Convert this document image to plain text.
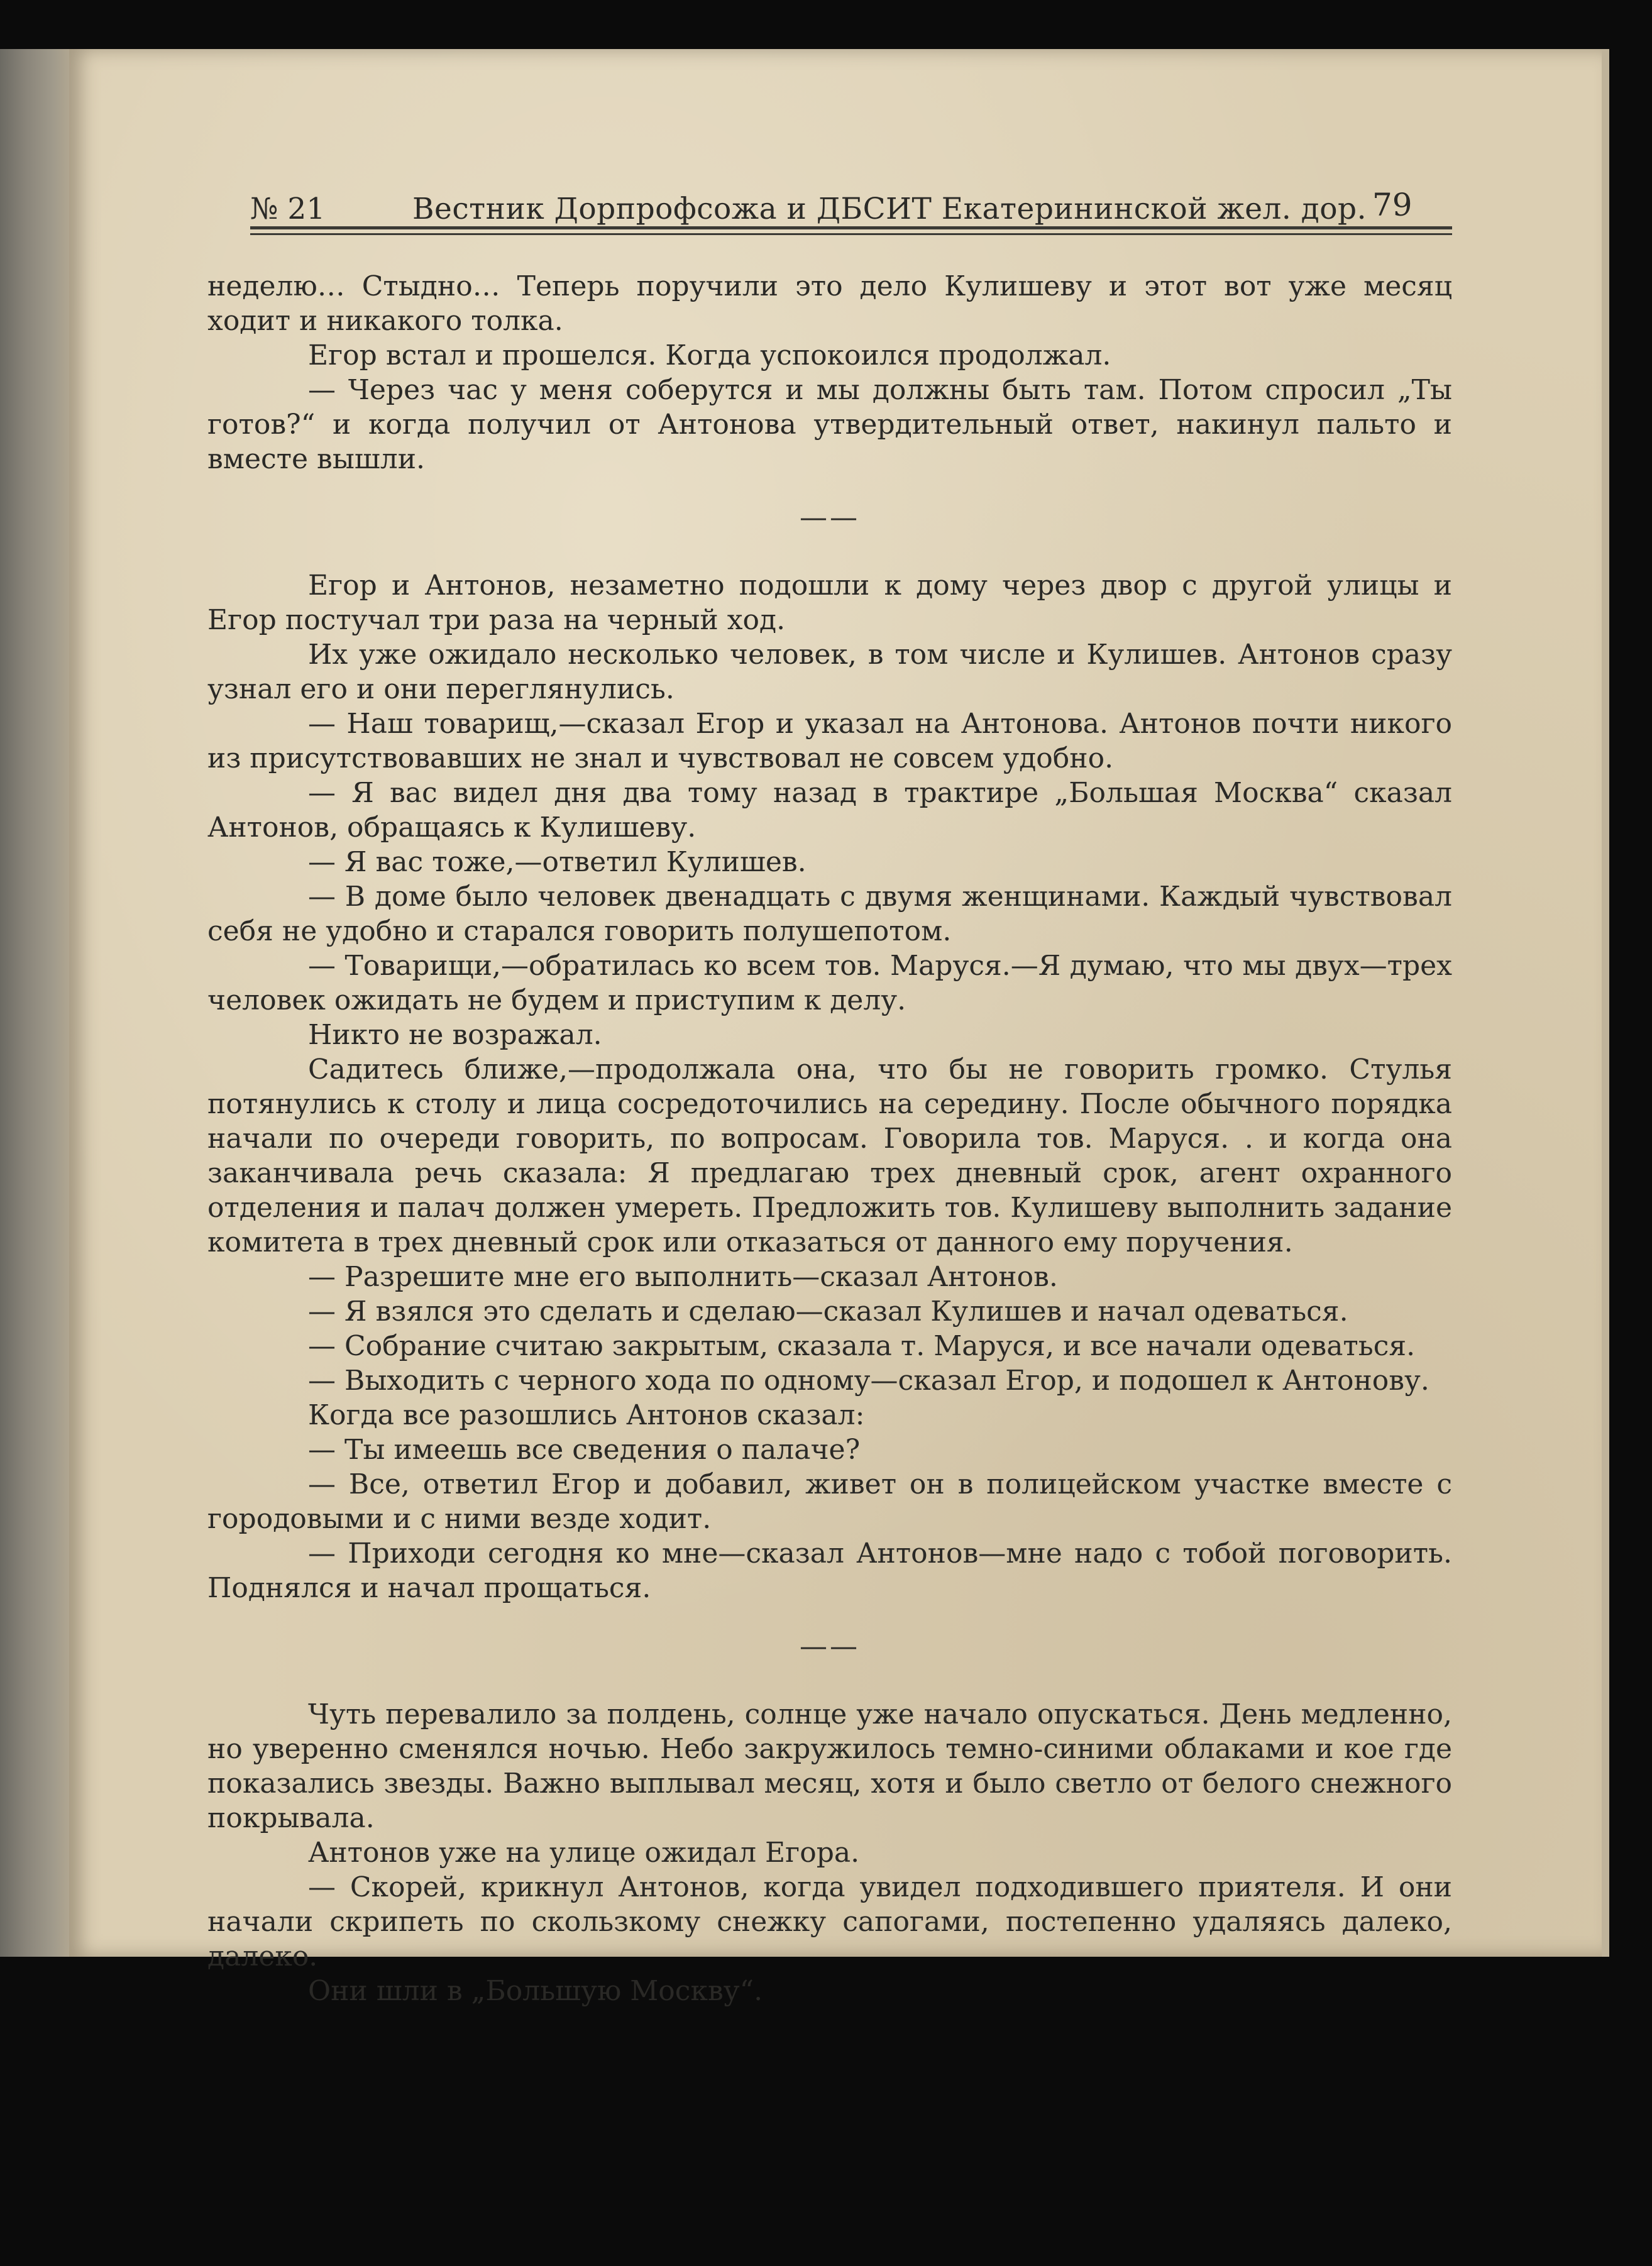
№ 21	Вестник Дорпрофсожа и ДБСИТ Екатерининской жел. дор. 79

неделю… Стыдно… Теперь поручили это дело Кулишеву и этот вот уже месяц ходит и никакого толка.

Егор встал и прошелся. Когда успокоился продолжал.

— Через час у меня соберутся и мы должны быть там. Потом спросил „Ты готов?“ и когда получил от Антонова утвердительный ответ, накинул пальто и вместе вышли.

——

Егор и Антонов, незаметно подошли к дому через двор с другой улицы и Егор постучал три раза на черный ход.

Их уже ожидало несколько человек, в том числе и Кулишев. Антонов сразу узнал его и они переглянулись.

— Наш товарищ,—сказал Егор и указал на Антонова. Антонов почти никого из присутствовавших не знал и чувствовал не совсем удобно.

— Я вас видел дня два тому назад в трактире „Большая Москва“ сказал Антонов, обращаясь к Кулишеву.

— Я вас тоже,—ответил Кулишев.

— В доме было человек двенадцать с двумя женщинами. Каждый чувствовал себя не удобно и старался говорить полушепотом.

— Товарищи,—обратилась ко всем тов. Маруся.—Я думаю, что мы двух—трех человек ожидать не будем и приступим к делу.

Никто не возражал.

Садитесь ближе,—продолжала она, что бы не говорить громко. Стулья потянулись к столу и лица сосредоточились на середину. После обычного порядка начали по очереди говорить, по вопросам. Говорила тов. Маруся. . и когда она заканчивала речь сказала: Я предлагаю трех дневный срок, агент охранного отделения и палач должен умереть. Предложить тов. Кулишеву выполнить задание комитета в трех дневный срок или отказаться от данного ему поручения.

— Разрешите мне его выполнить—сказал Антонов.

— Я взялся это сделать и сделаю—сказал Кулишев и начал одеваться.

— Собрание считаю закрытым, сказала т. Маруся, и все начали одеваться.

— Выходить с черного хода по одному—сказал Егор, и подошел к Антонову.

Когда все разошлись Антонов сказал:

— Ты имеешь все сведения о палаче?

— Все, ответил Егор и добавил, живет он в полицейском участке вместе с городовыми и с ними везде ходит.

— Приходи сегодня ко мне—сказал Антонов—мне надо с тобой поговорить. Поднялся и начал прощаться.

——

Чуть перевалило за полдень, солнце уже начало опускаться. День медленно, но уверенно сменялся ночью. Небо закружилось темно-синими облаками и кое где показались звезды. Важно выплывал месяц, хотя и было светло от белого снежного покрывала.

Антонов уже на улице ожидал Егора.

— Скорей, крикнул Антонов, когда увидел подходившего приятеля. И они начали скрипеть по скользкому снежку сапогами, постепенно удаляясь далеко, далеко.

Они шли в „Большую Москву“.
